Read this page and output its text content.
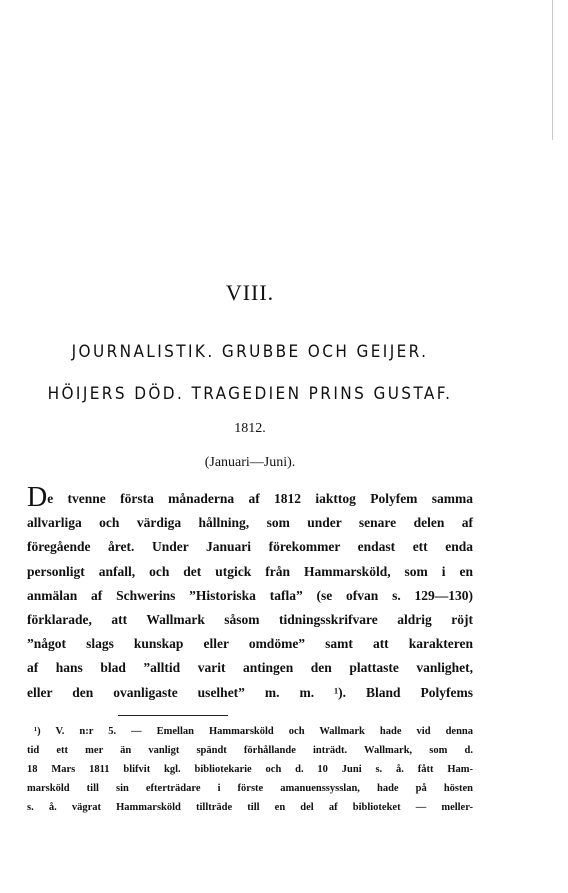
VIII.
JOURNALISTIK. GRUBBE OCH GEIJER.
HÖIJERS DÖD. TRAGEDIEN PRINS GUSTAF.
1812.
(Januari—Juni).
De tvenne första månaderna af 1812 iakttog Polyfem samma
allvarliga och värdiga hållning, som under senare delen af
föregående året. Under Januari förekommer endast ett enda
personligt anfall, och det utgick från Hammarsköld, som i en
anmälan af Schwerins ”Historiska tafla” (se ofvan s. 129—130)
förklarade, att Wallmark såsom tidningsskrifvare aldrig röjt
”något slags kunskap eller omdöme” samt att karakteren
af hans blad ”alltid varit antingen den plattaste vanlighet,
eller den ovanligaste uselhet” m. m. ¹). Bland Polyfems
¹) V. n:r 5. — Emellan Hammarsköld och Wallmark hade vid denna
tid ett mer än vanligt spändt förhållande inträdt. Wallmark, som d.
18 Mars 1811 blifvit kgl. bibliotekarie och d. 10 Juni s. å. fått Ham-
marsköld till sin efterträdare i förste amanuenssysslan, hade på hösten
s. å. vägrat Hammarsköld tillträde till en del af biblioteket — meller-
